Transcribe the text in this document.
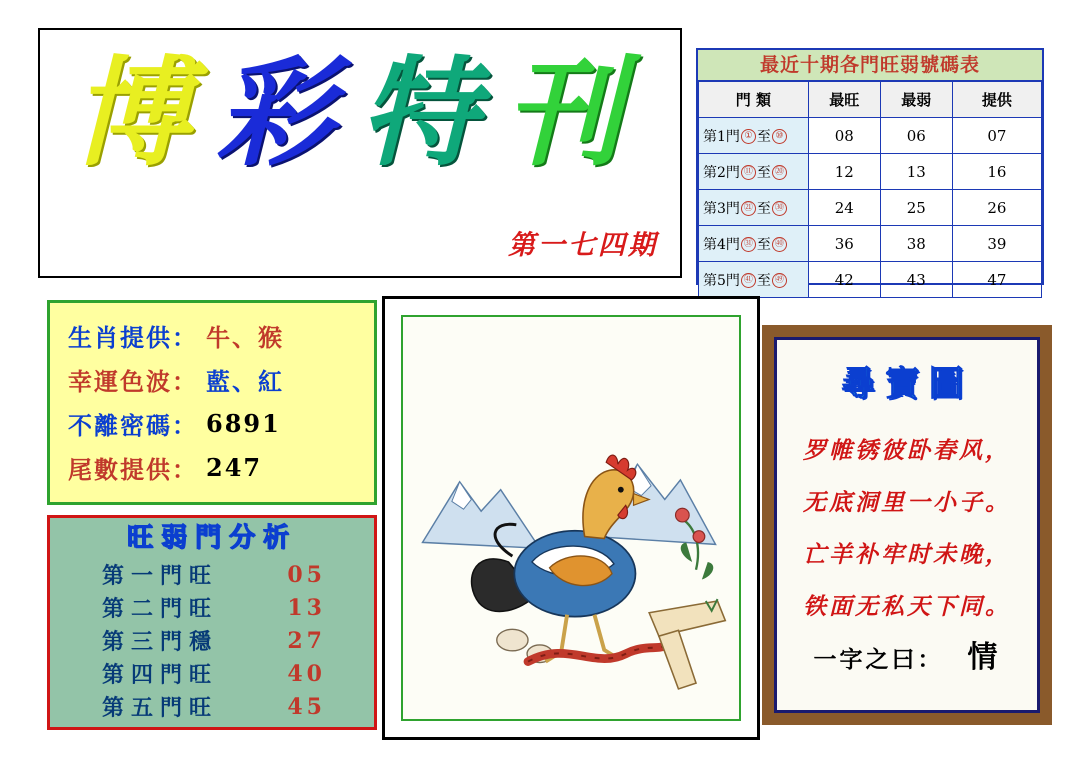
博彩特刊
第一七四期
最近十期各門旺弱號碼表
門 類	最旺	最弱	提供
第1門 ① 至 ⑩	08	06	07
第2門 ⑪ 至 ⑳	12	13	16
第3門 ㉑ 至 ㉚	24	25	26
第4門 ㉛ 至 ㊵	36	38	39
第5門 ㊶ 至 ㊾	42	43	47
生肖提供： 牛、猴
幸運色波： 藍、紅
不離密碼： 6891
尾數提供： 247
旺弱門分析
第一門旺	05
第二門旺	13
第三門穩	27
第四門旺	40
第五門旺	45
尋寶圖
罗帷锈彼卧春风，
无底洞里一小子。
亡羊补牢时未晚，
铁面无私天下同。
一字之曰： 情
